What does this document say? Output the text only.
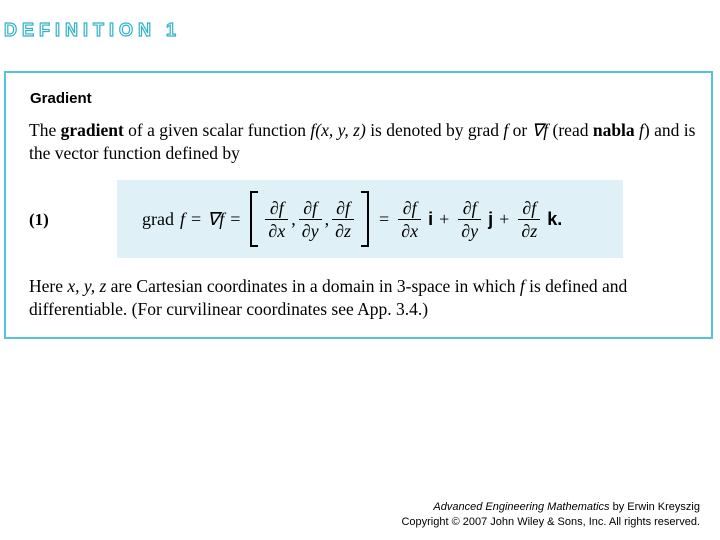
DEFINITION 1
Gradient
The gradient of a given scalar function f(x, y, z) is denoted by grad f or ∇f (read nabla f) and is the vector function defined by
(1)	grad $f = \nabla f = \frac{\partial f}{\partial x}$ , $\frac{\partial f}{\partial y}$ , $\frac{\partial f}{\partial z} = \frac{\partial f}{\partial x}$ $i + \frac{\partial f}{\partial y}$ $j + \frac{\partial f}{\partial z} k$.
Here x, y, z are Cartesian coordinates in a domain in 3-space in which f is defined and differentiable. (For curvilinear coordinates see App. 3.4.)
Advanced Engineering Mathematics by Erwin Kreyszig
Copyright © 2007 John Wiley & Sons, Inc. All rights reserved.
